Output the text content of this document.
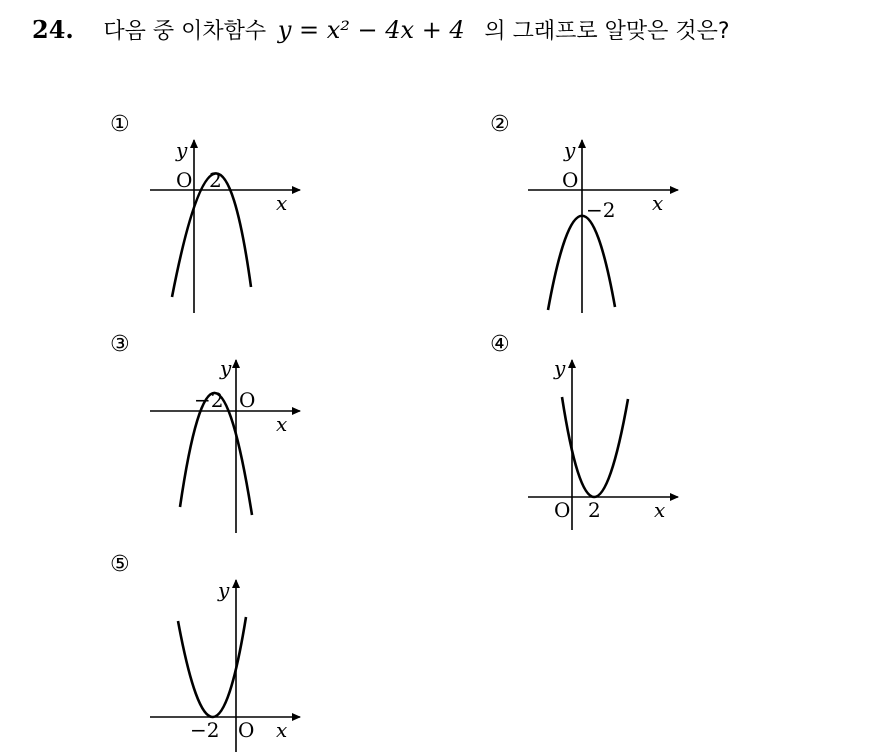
24. 다음 중 이차함수 y = x² − 4x + 4 의 그래프로 알맞은 것은?
①
y
x
O 2
②
y
x
O
−2
③
y
x
O
−2
④
y
x
O 2
⑤
y
x
O
−2
